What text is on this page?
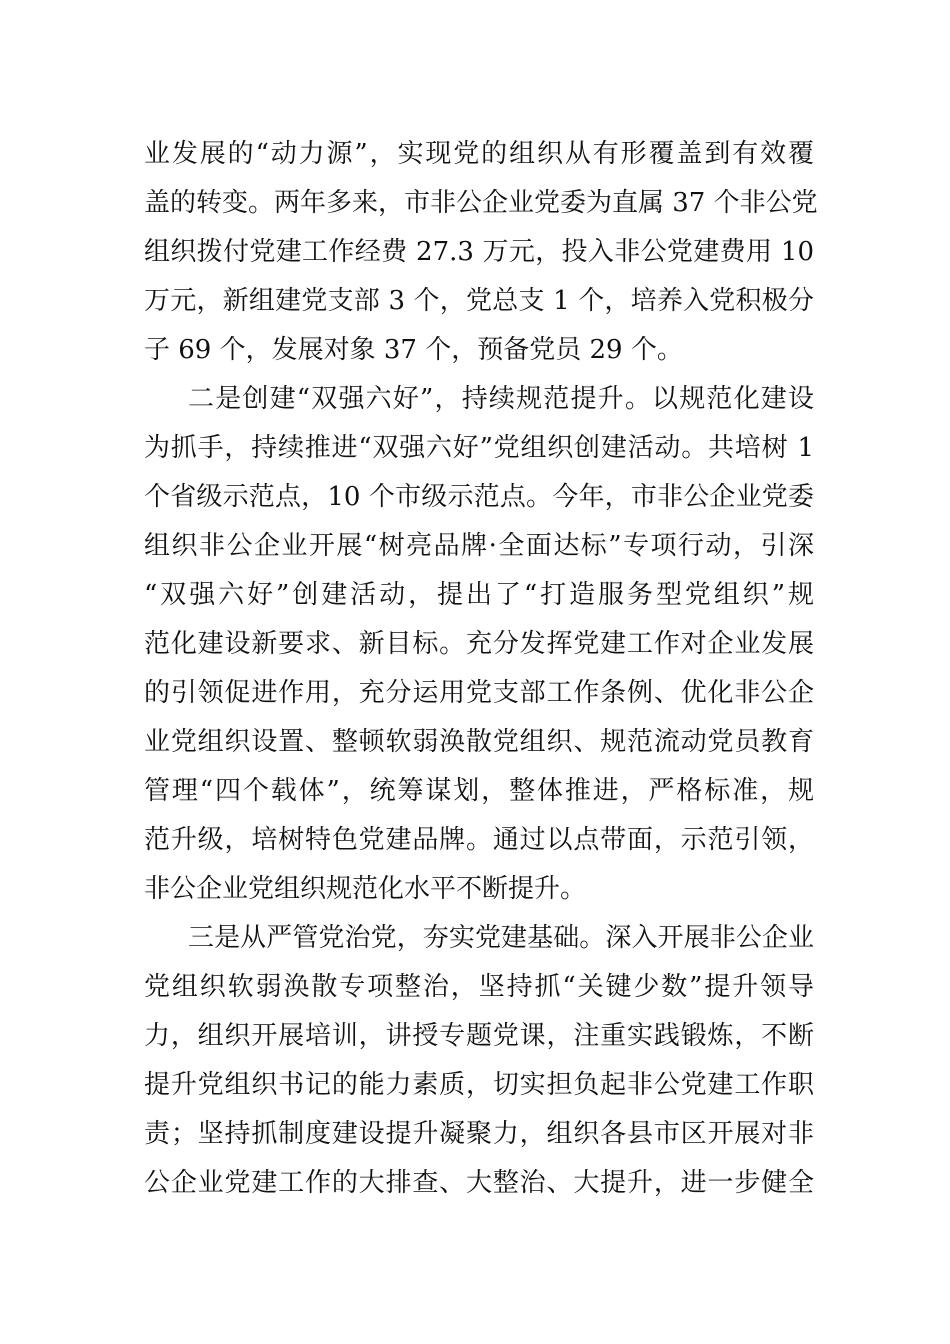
业发展的“动力源”，实现党的组织从有形覆盖到有效覆
盖的转变。两年多来，市非公企业党委为直属 37 个非公党
组织拨付党建工作经费 27.3 万元，投入非公党建费用 10
万元，新组建党支部 3 个，党总支 1 个，培养入党积极分
子 69 个，发展对象 37 个，预备党员 29 个。
二是创建“双强六好”，持续规范提升。以规范化建设
为抓手，持续推进“双强六好”党组织创建活动。共培树 1
个省级示范点，10 个市级示范点。今年，市非公企业党委
组织非公企业开展“树亮品牌·全面达标”专项行动，引深
“双强六好”创建活动，提出了“打造服务型党组织”规
范化建设新要求、新目标。充分发挥党建工作对企业发展
的引领促进作用，充分运用党支部工作条例、优化非公企
业党组织设置、整顿软弱涣散党组织、规范流动党员教育
管理“四个载体”，统筹谋划，整体推进，严格标准，规
范升级，培树特色党建品牌。通过以点带面，示范引领，
非公企业党组织规范化水平不断提升。
三是从严管党治党，夯实党建基础。深入开展非公企业
党组织软弱涣散专项整治，坚持抓“关键少数”提升领导
力，组织开展培训，讲授专题党课，注重实践锻炼，不断
提升党组织书记的能力素质，切实担负起非公党建工作职
责；坚持抓制度建设提升凝聚力，组织各县市区开展对非
公企业党建工作的大排查、大整治、大提升，进一步健全
